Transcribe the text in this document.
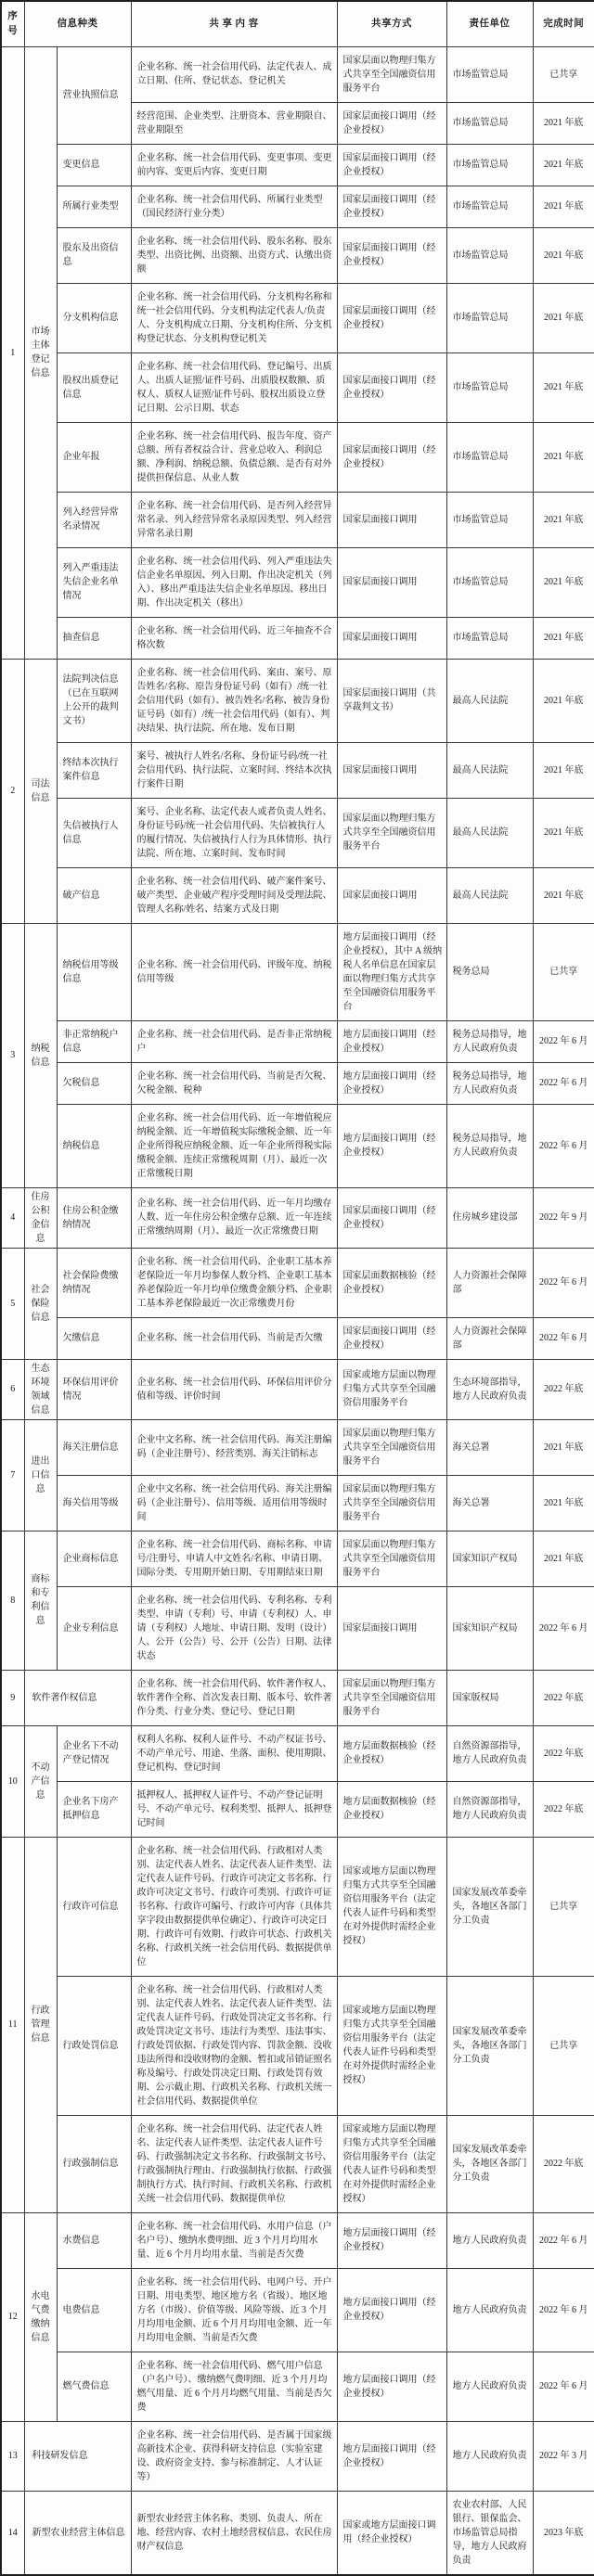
序号	信息种类		共 享 内 容	共享方式	责任单位	完成时间
1	市场主体登记信息	营业执照信息	企业名称、统一社会信用代码、法定代表人、成立日期、住所、登记状态、登记机关	国家层面以物理归集方式共享至全国融资信用服务平台	市场监管总局	已共享
			经营范围、企业类型、注册资本、营业期限自、营业期限至	国家层面接口调用（经企业授权）	市场监管总局	2021 年底
		变更信息	企业名称、统一社会信用代码、变更事项、变更前内容、变更后内容、变更日期	国家层面接口调用（经企业授权）	市场监管总局	2021 年底
		所属行业类型	企业名称、统一社会信用代码、所属行业类型（国民经济行业分类）	国家层面接口调用（经企业授权）	市场监管总局	2021 年底
		股东及出资信息	企业名称、统一社会信用代码、股东名称、股东类型、出资比例、出资额、出资方式、认缴出资额	国家层面接口调用（经企业授权）	市场监管总局	2021 年底
		分支机构信息	企业名称、统一社会信用代码、分支机构名称和统一社会信用代码、分支机构法定代表人/负责人、分支机构成立日期、分支机构住所、分支机构登记状态、分支机构登记机关	国家层面接口调用（经企业授权）	市场监管总局	2021 年底
		股权出质登记信息	企业名称、统一社会信用代码、登记编号、出质人、出质人证照/证件号码、出质股权数额、质权人、质权人证照/证件号码、股权出质设立登记日期、公示日期、状态	国家层面接口调用（经企业授权）	市场监管总局	2021 年底
		企业年报	企业名称、统一社会信用代码、报告年度、资产总额、所有者权益合计、营业总收入、利润总额、净利润、纳税总额、负债总额、是否有对外提供担保信息、从业人数	国家层面接口调用（经企业授权）	市场监管总局	2021 年底
		列入经营异常名录情况	企业名称、统一社会信用代码、是否列入经营异常名录、列入经营异常名录原因类型、列入经营异常名录日期	国家层面接口调用	市场监管总局	2021 年底
		列入严重违法失信企业名单情况	企业名称、统一社会信用代码、列入严重违法失信企业名单原因、列入日期、作出决定机关（列入）、移出严重违法失信企业名单原因、移出日期、作出决定机关（移出）	国家层面接口调用	市场监管总局	2021 年底
		抽查信息	企业名称、统一社会信用代码、近三年抽查不合格次数	国家层面接口调用	市场监管总局	2021 年底
2	司法信息	法院判决信息（已在互联网上公开的裁判文书）	企业名称、统一社会信用代码、案由、案号、原告姓名/名称、原告身份证号码（如有）/统一社会信用代码（如有）、被告姓名/名称、被告身份证号码（如有）/统一社会信用代码（如有）、判决结果、执行法院、所在地、发布日期	国家层面接口调用（共享裁判文书）	最高人民法院	2021 年底
		终结本次执行案件信息	案号、被执行人姓名/名称、身份证号码/统一社会信用代码、执行法院、立案时间、终结本次执行案件日期	国家层面接口调用	最高人民法院	2021 年底
		失信被执行人信息	案号、企业名称、法定代表人或者负责人姓名、身份证号码/统一社会信用代码、失信被执行人的履行情况、失信被执行人行为具体情形、执行法院、所在地、立案时间、发布时间	国家层面以物理归集方式共享至全国融资信用服务平台	最高人民法院	2021 年底
		破产信息	企业名称、统一社会信用代码、破产案件案号、破产类型、企业破产程序受理时间及受理法院、管理人名称/姓名、结案方式及日期	国家层面接口调用	最高人民法院	2021 年底
3	纳税信息	纳税信用等级信息	企业名称、统一社会信用代码、评级年度、纳税信用等级	地方层面接口调用（经企业授权），其中 A 级纳税人名单信息在国家层面以物理归集方式共享至全国融资信用服务平台	税务总局	已共享
		非正常纳税户信息	企业名称、统一社会信用代码、是否非正常纳税户	地方层面接口调用（经企业授权）	税务总局指导，地方人民政府负责	2022 年 6 月
		欠税信息	企业名称、统一社会信用代码、当前是否欠税、欠税金额、税种	地方层面接口调用（经企业授权）	税务总局指导，地方人民政府负责	2022 年 6 月
		纳税信息	企业名称、统一社会信用代码、近一年增值税应纳税金额、近一年增值税实际缴税金额、近一年企业所得税应纳税金额、近一年企业所得税实际缴税金额、连续正常缴税周期（月）、最近一次正常缴税日期	地方层面接口调用（经企业授权）	税务总局指导，地方人民政府负责	2022 年 6 月
4	住房公积金信息	住房公积金缴纳情况	企业名称、统一社会信用代码、近一年月均缴存人数、近一年住房公积金缴存总额、近一年连续正常缴纳周期（月）、最近一次正常缴费日期	国家层面接口调用（经企业授权）	住房城乡建设部	2022 年 9 月
5	社会保险信息	社会保险费缴纳情况	企业名称、统一社会信用代码、企业职工基本养老保险近一年月均参保人数分档、企业职工基本养老保险近一年月均单位缴费金额分档、企业职工基本养老保险最近一次正常缴费月份	国家层面数据核验（经企业授权）	人力资源社会保障部	2022 年 6 月
		欠缴信息	企业名称、统一社会信用代码、当前是否欠缴	国家层面接口调用（经企业授权）	人力资源社会保障部	2022 年 6 月
6	生态环境领域信息	环保信用评价情况	企业名称、统一社会信用代码、环保信用评价分值和等级、评价时间	国家或地方层面以物理归集方式共享至全国融资信用服务平台	生态环境部指导，地方人民政府负责	2022 年底
7	进出口信息	海关注册信息	企业中文名称、统一社会信用代码、海关注册编码（企业注册号）、经营类别、海关注销标志	国家层面以物理归集方式共享至全国融资信用服务平台	海关总署	2021 年底
		海关信用等级	企业中文名称、统一社会信用代码、海关注册编码（企业注册号）、信用等级、适用信用等级时间	国家层面以物理归集方式共享至全国融资信用服务平台	海关总署	2021 年底
8	商标和专利信息	企业商标信息	企业名称、统一社会信用代码、商标名称、申请号/注册号、申请人中文姓名/名称、申请日期、国际分类、专用期开始日期、专用期结束日期	国家层面以物理归集方式共享至全国融资信用服务平台	国家知识产权局	2021 年底
		企业专利信息	企业名称、统一社会信用代码、专利名称、专利类型、申请（专利）号、申请（专利权）人、申请（专利权）人地址、申请日期、发明（设计）人、公开（公告）号、公开（公告）日期、法律状态	国家层面接口调用	国家知识产权局	2022 年 6 月
9	软件著作权信息		企业名称、统一社会信用代码、软件著作权人、软件著作全称、首次发表日期、版本号、软件著作分类、行业分类、登记号、登记日期	国家层面以物理归集方式共享至全国融资信用服务平台	国家版权局	2022 年底
10	不动产信息	企业名下不动产登记情况	权利人名称、权利人证件号、不动产权证书号、不动产单元号、用途、坐落、面积、使用期限、登记机构、登记时间	地方层面数据核验（经企业授权）	自然资源部指导，地方人民政府负责	2022 年底
		企业名下房产抵押信息	抵押权人、抵押权人证件号、不动产登记证明号、不动产单元号、权利类型、抵押人、抵押登记时间	地方层面数据核验（经企业授权）	自然资源部指导，地方人民政府负责	2022 年底
11	行政管理信息	行政许可信息	企业名称、统一社会信用代码、行政相对人类别、法定代表人姓名、法定代表人证件类型、法定代表人证件号码、行政许可决定文书名称、行政许可决定文书号、行政许可类别、行政许可证书名称、行政许可编号、行政许可内容（具体共享字段由数据提供单位确定）、行政许可决定日期、行政许可有效期、行政许可状态、行政机关名称、行政机关统一社会信用代码、数据提供单位	国家或地方层面以物理归集方式共享至全国融资信用服务平台（法定代表人证件号码和类型在对外提供时需经企业授权）	国家发展改革委牵头，各地区各部门分工负责	已共享
		行政处罚信息	企业名称、统一社会信用代码、行政相对人类别、法定代表人姓名、法定代表人证件类型、法定代表人证件号码、行政处罚决定文书名称、行政处罚决定文书号、违法行为类型、违法事实、行政处罚依据、行政处罚内容、罚款金额、没收违法所得和没收财物的金额、暂扣或吊销证照名称及编号、行政处罚决定日期、行政处罚有效期、公示截止期、行政机关名称、行政机关统一社会信用代码、数据提供单位	国家或地方层面以物理归集方式共享至全国融资信用服务平台（法定代表人证件号码和类型在对外提供时需经企业授权）	国家发展改革委牵头，各地区各部门分工负责	已共享
		行政强制信息	企业名称、统一社会信用代码、法定代表人姓名、法定代表人证件类型、法定代表人证件号码、行政强制决定文书名称、行政强制文书号、行政强制执行理由、行政强制执行依据、行政强制执行方式、执行时间、行政机关名称、行政机关统一社会信用代码、数据提供单位	国家或地方层面以物理归集方式共享至全国融资信用服务平台（法定代表人证件号码和类型在对外提供时需经企业授权）	国家发展改革委牵头，各地区各部门分工负责	2022 年底
12	水电气费缴纳信息	水费信息	企业名称、统一社会信用代码、水用户信息（户名户号）、缴纳水费明细、近 3 个月月均用水量、近 6 个月月均用水量、当前是否欠费	地方层面接口调用（经企业授权）	地方人民政府负责	2022 年 6 月
		电费信息	企业名称、统一社会信用代码、电网户号、开户日期、用电类型、地区地方名（省级）、地区地方名（市级）、价值等级、风险等级、近 3 个月月均用电金额、近 6 个月月均用电金额、近一年月均用电金额、当前是否欠费	地方层面接口调用（经企业授权）	地方人民政府负责	2022 年 6 月
		燃气费信息	企业名称、统一社会信用代码、燃气用户信息（户名户号）、缴纳燃气费明细、近 3 个月月均燃气用量、近 6 个月月均燃气用量、当前是否欠费	地方层面接口调用（经企业授权）	地方人民政府负责	2022 年 6 月
13	科技研发信息		企业名称、统一社会信用代码、是否属于国家级高新技术企业、获得科研支持信息（实验室建设、政府资金支持、参与标准制定、人才认证等）	地方层面接口调用（经企业授权）	地方人民政府负责	2022 年 3 月
14	新型农业经营主体信息		新型农业经营主体名称、类别、负责人、所在地、经营内容、农村土地经营权信息、农民住房财产权信息	国家或地方层面接口调用（经企业授权）	农业农村部、人民银行、银保监会、市场监管总局指导，地方人民政府负责	2023 年底
